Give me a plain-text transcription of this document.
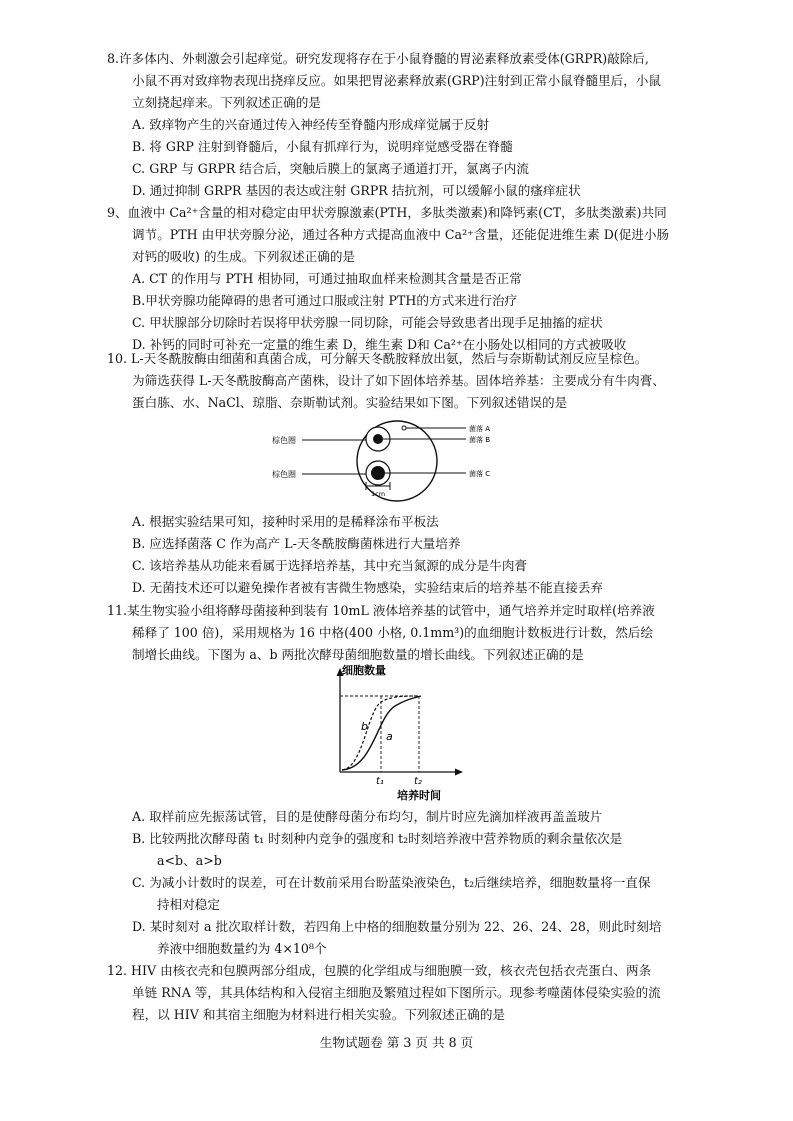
8.许多体内、外刺激会引起痒觉。研究发现将存在于小鼠脊髓的胃泌素释放素受体(GRPR)敲除后,
小鼠不再对致痒物表现出挠痒反应。如果把胃泌素释放素(GRP)注射到正常小鼠脊髓里后，小鼠
立刻挠起痒来。下列叙述正确的是
A. 致痒物产生的兴奋通过传入神经传至脊髓内形成痒觉属于反射
B. 将 GRP 注射到脊髓后，小鼠有抓痒行为，说明痒觉感受器在脊髓
C. GRP 与 GRPR 结合后，突触后膜上的氯离子通道打开，氯离子内流
D. 通过抑制 GRPR 基因的表达或注射 GRPR 拮抗剂，可以缓解小鼠的瘙痒症状
9、血液中 Ca²⁺含量的相对稳定由甲状旁腺激素(PTH，多肽类激素)和降钙素(CT，多肽类激素)共同
调节。PTH 由甲状旁腺分泌，通过各种方式提高血液中 Ca²⁺含量，还能促进维生素 D(促进小肠
对钙的吸收) 的生成。下列叙述正确的是
A. CT 的作用与 PTH 相协同，可通过抽取血样来检测其含量是否正常
B.甲状旁腺功能障碍的患者可通过口服或注射 PTH的方式来进行治疗
C. 甲状腺部分切除时若误将甲状旁腺一同切除，可能会导致患者出现手足抽搐的症状
D. 补钙的同时可补充一定量的维生素 D，维生素 D和 Ca²⁺在小肠处以相同的方式被吸收
10. L-天冬酰胺酶由细菌和真菌合成，可分解天冬酰胺释放出氨，然后与奈斯勒试剂反应呈棕色。
为筛选获得 L-天冬酰胺酶高产菌株，设计了如下固体培养基。固体培养基：主要成分有牛肉膏、
蛋白胨、水、NaCl、琼脂、奈斯勒试剂。实验结果如下图。下列叙述错误的是
1cm
棕色圈
棕色圈
菌落 A
菌落 B
菌落 C
A. 根据实验结果可知，接种时采用的是稀释涂布平板法
B. 应选择菌落 C 作为高产 L-天冬酰胺酶菌株进行大量培养
C. 该培养基从功能来看属于选择培养基，其中充当氮源的成分是牛肉膏
D. 无菌技术还可以避免操作者被有害微生物感染，实验结束后的培养基不能直接丢弃
11.某生物实验小组将酵母菌接种到装有 10mL 液体培养基的试管中，通气培养并定时取样(培养液
稀释了 100 倍)，采用规格为 16 中格(400 小格, 0.1mm³)的血细胞计数板进行计数，然后绘
制增长曲线。下图为 a、b 两批次酵母菌细胞数量的增长曲线。下列叙述正确的是
细胞数量
培养时间
b
a
t₁	t₂
A. 取样前应先振荡试管，目的是使酵母菌分布均匀，制片时应先滴加样液再盖盖玻片
B. 比较两批次酵母菌 t₁ 时刻种内竞争的强度和 t₂时刻培养液中营养物质的剩余量依次是
a<b、a>b
C. 为减小计数时的误差，可在计数前采用台盼蓝染液染色，t₂后继续培养，细胞数量将一直保
持相对稳定
D. 某时刻对 a 批次取样计数，若四角上中格的细胞数量分别为 22、26、24、28，则此时刻培
养液中细胞数量约为 4×10⁸个
12. HIV 由核衣壳和包膜两部分组成，包膜的化学组成与细胞膜一致，核衣壳包括衣壳蛋白、两条
单链 RNA 等，其具体结构和入侵宿主细胞及繁殖过程如下图所示。现参考噬菌体侵染实验的流
程，以 HIV 和其宿主细胞为材料进行相关实验。下列叙述正确的是
生物试题卷 第 3 页 共 8 页
